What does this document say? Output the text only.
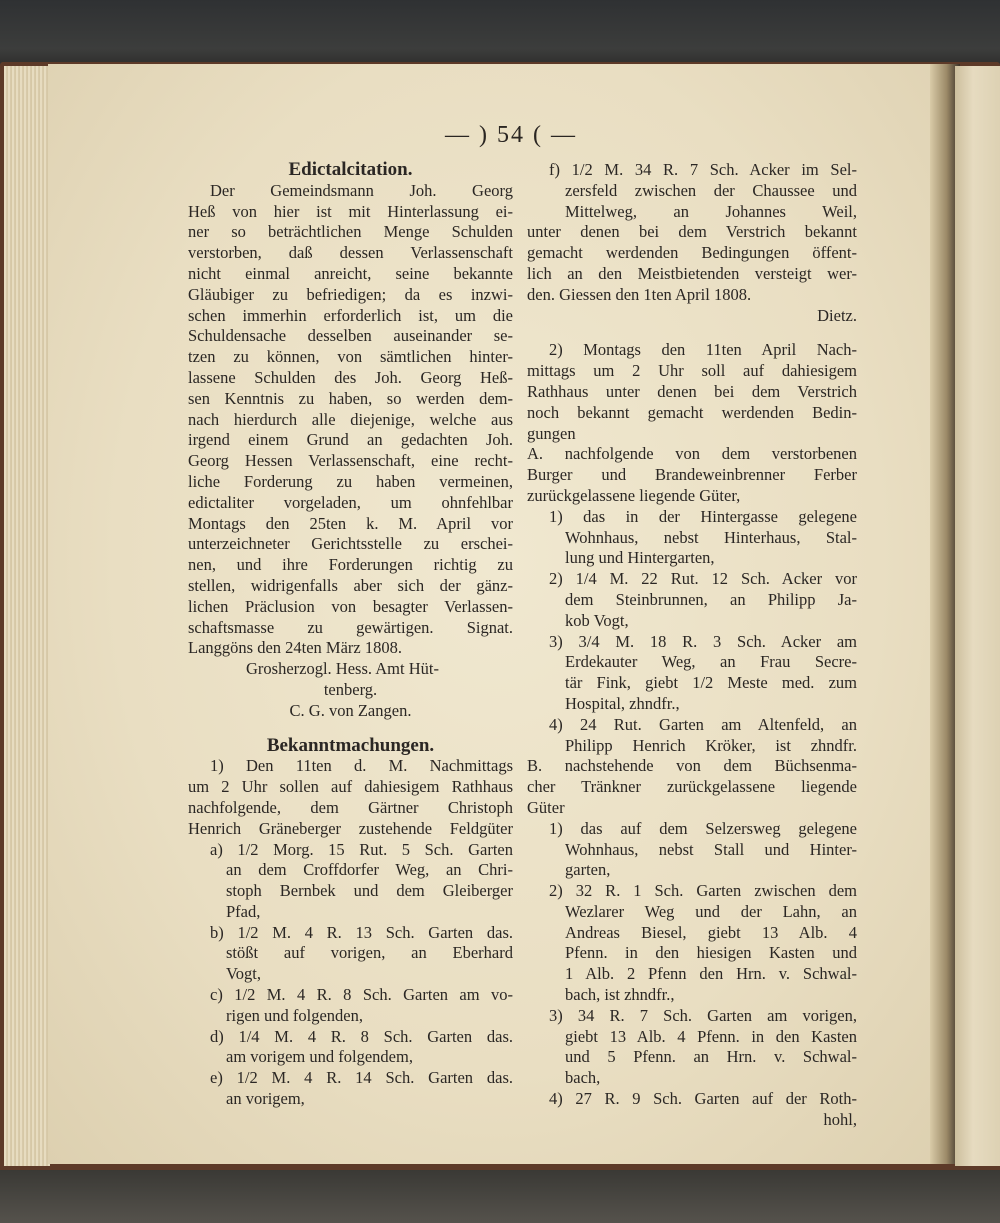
— ) 54 ( —
Edictalcitation.
Der Gemeindsmann Joh. Georg
Heß von hier ist mit Hinterlassung ei-
ner so beträchtlichen Menge Schulden
verstorben, daß dessen Verlassenschaft
nicht einmal anreicht, seine bekannte
Gläubiger zu befriedigen; da es inzwi-
schen immerhin erforderlich ist, um die
Schuldensache desselben auseinander se-
tzen zu können, von sämtlichen hinter-
lassene Schulden des Joh. Georg Heß-
sen Kenntnis zu haben, so werden dem-
nach hierdurch alle diejenige, welche aus
irgend einem Grund an gedachten Joh.
Georg Hessen Verlassenschaft, eine recht-
liche Forderung zu haben vermeinen,
edictaliter vorgeladen, um ohnfehlbar
Montags den 25ten k. M. April vor
unterzeichneter Gerichtsstelle zu erschei-
nen, und ihre Forderungen richtig zu
stellen, widrigenfalls aber sich der gänz-
lichen Präclusion von besagter Verlassen-
schaftsmasse zu gewärtigen. Signat.
Langgöns den 24ten März 1808.
Grosherzogl. Hess. Amt Hüt-
tenberg.
C. G. von Zangen.
Bekanntmachungen.
1) Den 11ten d. M. Nachmittags
um 2 Uhr sollen auf dahiesigem Rathhaus
nachfolgende, dem Gärtner Christoph
Henrich Gräneberger zustehende Feldgüter
a) 1/2 Morg. 15 Rut. 5 Sch. Garten
an dem Croffdorfer Weg, an Chri-
stoph Bernbek und dem Gleiberger
Pfad,
b) 1/2 M. 4 R. 13 Sch. Garten das.
stößt auf vorigen, an Eberhard
Vogt,
c) 1/2 M. 4 R. 8 Sch. Garten am vo-
rigen und folgenden,
d) 1/4 M. 4 R. 8 Sch. Garten das.
am vorigem und folgendem,
e) 1/2 M. 4 R. 14 Sch. Garten das.
an vorigem,
f) 1/2 M. 34 R. 7 Sch. Acker im Sel-
zersfeld zwischen der Chaussee und
Mittelweg, an Johannes Weil,
unter denen bei dem Verstrich bekannt
gemacht werdenden Bedingungen öffent-
lich an den Meistbietenden versteigt wer-
den. Giessen den 1ten April 1808.
Dietz.
2) Montags den 11ten April Nach-
mittags um 2 Uhr soll auf dahiesigem
Rathhaus unter denen bei dem Verstrich
noch bekannt gemacht werdenden Bedin-
gungen
A. nachfolgende von dem verstorbenen
Burger und Brandeweinbrenner Ferber
zurückgelassene liegende Güter,
1) das in der Hintergasse gelegene
Wohnhaus, nebst Hinterhaus, Stal-
lung und Hintergarten,
2) 1/4 M. 22 Rut. 12 Sch. Acker vor
dem Steinbrunnen, an Philipp Ja-
kob Vogt,
3) 3/4 M. 18 R. 3 Sch. Acker am
Erdekauter Weg, an Frau Secre-
tär Fink, giebt 1/2 Meste med. zum
Hospital, zhndfr.,
4) 24 Rut. Garten am Altenfeld, an
Philipp Henrich Kröker, ist zhndfr.
B. nachstehende von dem Büchsenma-
cher Tränkner zurückgelassene liegende
Güter
1) das auf dem Selzersweg gelegene
Wohnhaus, nebst Stall und Hinter-
garten,
2) 32 R. 1 Sch. Garten zwischen dem
Wezlarer Weg und der Lahn, an
Andreas Biesel, giebt 13 Alb. 4
Pfenn. in den hiesigen Kasten und
1 Alb. 2 Pfenn den Hrn. v. Schwal-
bach, ist zhndfr.,
3) 34 R. 7 Sch. Garten am vorigen,
giebt 13 Alb. 4 Pfenn. in den Kasten
und 5 Pfenn. an Hrn. v. Schwal-
bach,
4) 27 R. 9 Sch. Garten auf der Roth-
hohl,
